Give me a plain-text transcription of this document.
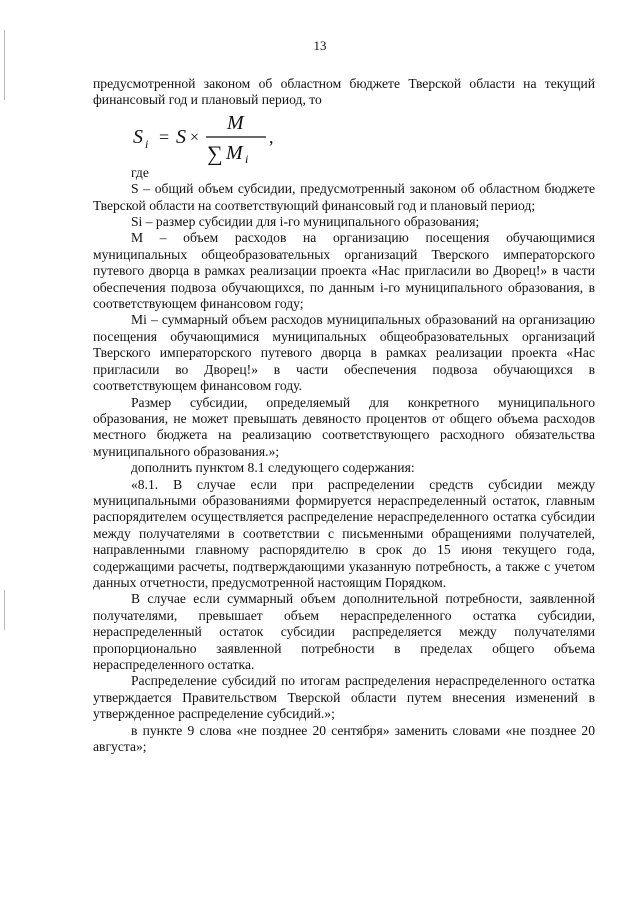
13

предусмотренной законом об областном бюджете Тверской области на текущий финансовый год и плановый период, то

S i = S ×
M
∑ M i
,

где

S – общий объем субсидии, предусмотренный законом об областном бюджете Тверской области на соответствующий финансовый год и плановый период;

Si – размер субсидии для i-го муниципального образования;

M – объем расходов на организацию посещения обучающимися муниципальных общеобразовательных организаций Тверского императорского путевого дворца в рамках реализации проекта «Нас пригласили во Дворец!» в части обеспечения подвоза обучающихся, по данным i-го муниципального образования, в соответствующем финансовом году;

Mi – суммарный объем расходов муниципальных образований на организацию посещения обучающимися муниципальных общеобразовательных организаций Тверского императорского путевого дворца в рамках реализации проекта «Нас пригласили во Дворец!» в части обеспечения подвоза обучающихся в соответствующем финансовом году.

Размер субсидии, определяемый для конкретного муниципального образования, не может превышать девяносто процентов от общего объема расходов местного бюджета на реализацию соответствующего расходного обязательства муниципального образования.»;

дополнить пунктом 8.1 следующего содержания:

«8.1. В случае если при распределении средств субсидии между муниципальными образованиями формируется нераспределенный остаток, главным распорядителем осуществляется распределение нераспределенного остатка субсидии между получателями в соответствии с письменными обращениями получателей, направленными главному распорядителю в срок до 15 июня текущего года, содержащими расчеты, подтверждающими указанную потребность, а также с учетом данных отчетности, предусмотренной настоящим Порядком.

В случае если суммарный объем дополнительной потребности, заявленной получателями, превышает объем нераспределенного остатка субсидии, нераспределенный остаток субсидии распределяется между получателями пропорционально заявленной потребности в пределах общего объема нераспределенного остатка.

Распределение субсидий по итогам распределения нераспределенного остатка утверждается Правительством Тверской области путем внесения изменений в утвержденное распределение субсидий.»;

в пункте 9 слова «не позднее 20 сентября» заменить словами «не позднее 20 августа»;
